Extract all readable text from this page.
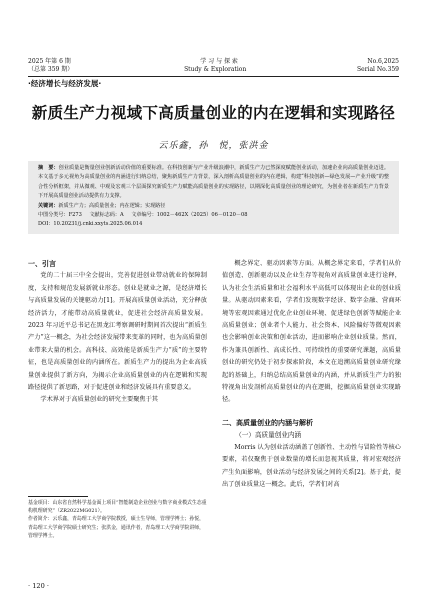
2025 年第 6 期	学 习 与 探 索	No.6,2025
（总第 359 期）	Study & Exploration	Serial No.359
·经济增长与经济发展·
新质生产力视域下高质量创业的内在逻辑和实现路径
云乐鑫，孙　悦，张洪金

摘　要：创业质量是衡量创业创新活动价值的重要标准。在科技创新与产业升级浪潮中，新质生产力已然深度赋能创业活动，加速企业向高质量创业迈进。本文基于多元视角为高质量创业的内涵进行归纳总结，聚焦新质生产力背景，深入剖析高质量创业的内在逻辑，构建“科技创新—绿色发展—产业升级”的整合性分析框架，并从微观、中观及宏观三个层面探究新质生产力赋能高质量创业的实现路径，以期深化高质量创业的理论研究，为创业者在新质生产力背景下开展高质量创业活动提供有力支撑。

关键词：新质生产力；高质量创业；内在逻辑；实现路径

中图分类号：F273 文献标志码：A 文章编号：1002－462X（2025）06－0120－08

DOI：10.20231/j.cnki.xxyts.2025.06.014

一、引言

党的二十届三中全会提出，完善促进创业带动就业的保障制度，支持和规范发展新就业形态。创业是就业之源，是经济增长与高质量发展的关键驱动力[1]。开展高质量创业活动，充分释放经济活力，才能带动高质量就业，促进社会经济高质量发展。2023 年习近平总书记在黑龙江考察调研时期间首次提出“新质生产力”这一概念，为社会经济发展带来变革的同时，也为高质量创业带来大量的机会。高科技、高效能是新质生产力“质”的主要特征，也是高质量创业的内涵所在。新质生产力的提出为企业高质量创业提供了新方向，为揭示企业高质量创业的内在逻辑和实现路径提供了新思路，对于促进创业和经济发展具有重要意义。

学术界对于高质量创业的研究主要聚焦于其

基金项目：山东省自然科学基金面上项目“智能制造企业创业与数字商业模式生态重构机理研究”（ZR2022MG021）。

作者简介：云乐鑫，青岛理工大学商学院教授，硕士生导师，管理学博士；孙悦，青岛理工大学商学院硕士研究生；张洪金，通讯作者，青岛理工大学商学院讲师，管理学博士。

概念界定、驱动因素等方面。从概念界定来看，学者们从价值创造、创新驱动以及企业生存等视角对高质量创业进行诠释，认为社会生活质量和社会福利水平高低可以体现出企业的创业质量。从驱动因素来看，学者们发现数字经济、数字金融、营商环境等宏观因素通过优化企业创业环境、促进绿色创新等赋能企业高质量创业；创业者个人能力、社会资本、风险偏好等微观因素也会影响创业决策和创业活动，进而影响企业创业质量。然而，作为兼具创新性、高成长性、可持续性的重要研究课题，高质量创业的研究仍处于初步探索阶段，本文在追溯高质量创业研究缘起的基础上，归纳总结高质量创业的内涵，并从新质生产力的独特视角出发剖析高质量创业的内在逻辑，挖掘高质量创业实现路径。

二、高质量创业的内涵与解析

（一）高质量创业内涵

Morris 认为创业活动涵盖了创新性、主动性与冒险性等核心要素，若仅聚焦于创业数量的增长而忽视其质量，将对宏观经济产生负面影响，创业活动与经济发展之间的关系[2]。基于此，提出了创业质量这一概念。此后，学者们对高

· 120 ·
